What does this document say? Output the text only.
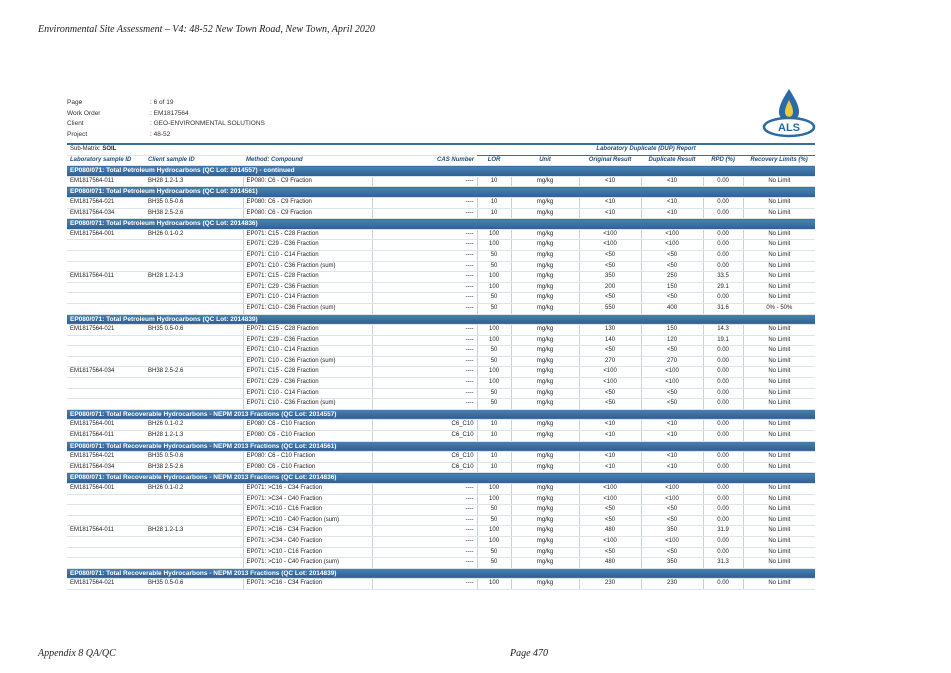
Environmental Site Assessment – V4: 48-52 New Town Road, New Town, April 2020
Page	: 6 of 19
Work Order	: EM1817564
Client	: GEO-ENVIRONMENTAL SOLUTIONS
Project	: 48-52	ALS
Sub-Matrix: SOIL				Laboratory Duplicate (DUP) Report					
Laboratory sample ID	Client sample ID	Method: Compound	CAS Number	LOR	Unit	Original Result	Duplicate Result	RPD (%)	Recovery Limits (%)
EP080/071: Total Petroleum Hydrocarbons (QC Lot: 2014557) - continued									
EM1817564-011	BH28 1.2-1.3	EP080: C6 - C9 Fraction	----	10	mg/kg	<10	<10	0.00	No Limit
EP080/071: Total Petroleum Hydrocarbons (QC Lot: 2014561)									
EM1817564-021	BH35 0.5-0.6	EP080: C6 - C9 Fraction	----	10	mg/kg	<10	<10	0.00	No Limit
EM1817564-034	BH38 2.5-2.6	EP080: C6 - C9 Fraction	----	10	mg/kg	<10	<10	0.00	No Limit
EP080/071: Total Petroleum Hydrocarbons (QC Lot: 2014836)									
EM1817564-001	BH26 0.1-0.2	EP071: C15 - C28 Fraction	----	100	mg/kg	<100	<100	0.00	No Limit
		EP071: C29 - C36 Fraction	----	100	mg/kg	<100	<100	0.00	No Limit
		EP071: C10 - C14 Fraction	----	50	mg/kg	<50	<50	0.00	No Limit
		EP071: C10 - C36 Fraction (sum)	----	50	mg/kg	<50	<50	0.00	No Limit
EM1817564-011	BH28 1.2-1.3	EP071: C15 - C28 Fraction	----	100	mg/kg	350	250	33.5	No Limit
		EP071: C29 - C36 Fraction	----	100	mg/kg	200	150	29.1	No Limit
		EP071: C10 - C14 Fraction	----	50	mg/kg	<50	<50	0.00	No Limit
		EP071: C10 - C36 Fraction (sum)	----	50	mg/kg	550	400	31.6	0% - 50%
EP080/071: Total Petroleum Hydrocarbons (QC Lot: 2014839)									
EM1817564-021	BH35 0.5-0.6	EP071: C15 - C28 Fraction	----	100	mg/kg	130	150	14.3	No Limit
		EP071: C29 - C36 Fraction	----	100	mg/kg	140	120	19.1	No Limit
		EP071: C10 - C14 Fraction	----	50	mg/kg	<50	<50	0.00	No Limit
		EP071: C10 - C36 Fraction (sum)	----	50	mg/kg	270	270	0.00	No Limit
EM1817564-034	BH38 2.5-2.6	EP071: C15 - C28 Fraction	----	100	mg/kg	<100	<100	0.00	No Limit
		EP071: C29 - C36 Fraction	----	100	mg/kg	<100	<100	0.00	No Limit
		EP071: C10 - C14 Fraction	----	50	mg/kg	<50	<50	0.00	No Limit
		EP071: C10 - C36 Fraction (sum)	----	50	mg/kg	<50	<50	0.00	No Limit
EP080/071: Total Recoverable Hydrocarbons - NEPM 2013 Fractions (QC Lot: 2014557)									
EM1817564-001	BH26 0.1-0.2	EP080: C6 - C10 Fraction	C6_C10	10	mg/kg	<10	<10	0.00	No Limit
EM1817564-011	BH28 1.2-1.3	EP080: C6 - C10 Fraction	C6_C10	10	mg/kg	<10	<10	0.00	No Limit
EP080/071: Total Recoverable Hydrocarbons - NEPM 2013 Fractions (QC Lot: 2014561)									
EM1817564-021	BH35 0.5-0.6	EP080: C6 - C10 Fraction	C6_C10	10	mg/kg	<10	<10	0.00	No Limit
EM1817564-034	BH38 2.5-2.6	EP080: C6 - C10 Fraction	C6_C10	10	mg/kg	<10	<10	0.00	No Limit
EP080/071: Total Recoverable Hydrocarbons - NEPM 2013 Fractions (QC Lot: 2014836)									
EM1817564-001	BH26 0.1-0.2	EP071: >C16 - C34 Fraction	----	100	mg/kg	<100	<100	0.00	No Limit
		EP071: >C34 - C40 Fraction	----	100	mg/kg	<100	<100	0.00	No Limit
		EP071: >C10 - C16 Fraction	----	50	mg/kg	<50	<50	0.00	No Limit
		EP071: >C10 - C40 Fraction (sum)	----	50	mg/kg	<50	<50	0.00	No Limit
EM1817564-011	BH28 1.2-1.3	EP071: >C16 - C34 Fraction	----	100	mg/kg	480	350	31.9	No Limit
		EP071: >C34 - C40 Fraction	----	100	mg/kg	<100	<100	0.00	No Limit
		EP071: >C10 - C16 Fraction	----	50	mg/kg	<50	<50	0.00	No Limit
		EP071: >C10 - C40 Fraction (sum)	----	50	mg/kg	480	350	31.3	No Limit
EP080/071: Total Recoverable Hydrocarbons - NEPM 2013 Fractions (QC Lot: 2014839)									
EM1817564-021	BH35 0.5-0.6	EP071: >C16 - C34 Fraction	----	100	mg/kg	230	230	0.00	No Limit
Appendix 8 QA/QC	Page 470
